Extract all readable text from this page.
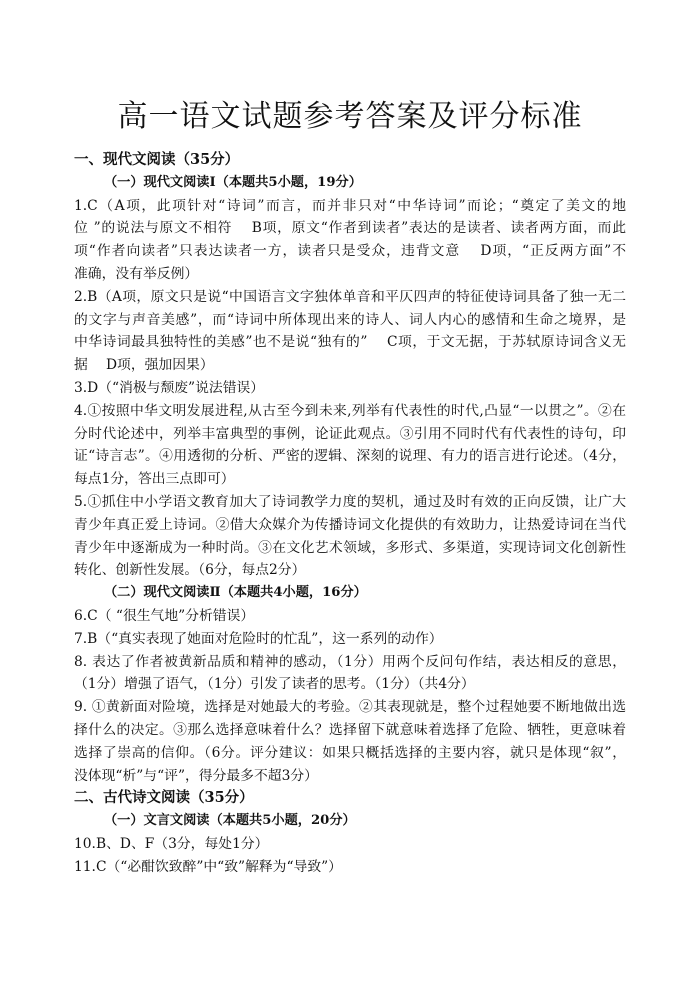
高一语文试题参考答案及评分标准
一、现代文阅读（35分）
（一）现代文阅读Ⅰ（本题共5小题，19分）
1.C（A项，此项针对“诗词”而言，而并非只对“中华诗词”而论；“奠定了美文的地
位 ”的说法与原文不相符　 B项，原文“作者到读者”表达的是读者、读者两方面，而此
项“作者向读者”只表达读者一方，读者只是受众，违背文意　 D项，“正反两方面”不
准确，没有举反例）
2.B（A项，原文只是说“中国语言文字独体单音和平仄四声的特征使诗词具备了独一无二
的文字与声音美感”，而“诗词中所体现出来的诗人、词人内心的感情和生命之境界，是
中华诗词最具独特性的美感”也不是说“独有的”　 C项，于文无据，于苏轼原诗词含义无
据　 D项，强加因果）
3.D（“消极与颓废”说法错误）
4.①按照中华文明发展进程,从古至今到未来,列举有代表性的时代,凸显“一以贯之”。②在
分时代论述中，列举丰富典型的事例，论证此观点。③引用不同时代有代表性的诗句，印
证“诗言志”。④用透彻的分析、严密的逻辑、深刻的说理、有力的语言进行论述。（4分，
每点1分，答出三点即可）
5.①抓住中小学语文教育加大了诗词教学力度的契机，通过及时有效的正向反馈，让广大
青少年真正爱上诗词。②借大众媒介为传播诗词文化提供的有效助力，让热爱诗词在当代
青少年中逐渐成为一种时尚。③在文化艺术领域，多形式、多渠道，实现诗词文化创新性
转化、创新性发展。（6分，每点2分）
（二）现代文阅读Ⅱ（本题共4小题，16分）
6.C（ “很生气地”分析错误）
7.B（“真实表现了她面对危险时的忙乱”，这一系列的动作）
8. 表达了作者被黄新品质和精神的感动，（1分）用两个反问句作结，表达相反的意思，
（1分）增强了语气，（1分）引发了读者的思考。（1分）（共4分）
9. ①黄新面对险境，选择是对她最大的考验。②其表现就是，整个过程她要不断地做出选
择什么的决定。③那么选择意味着什么？选择留下就意味着选择了危险、牺牲，更意味着
选择了崇高的信仰。（6分。评分建议：如果只概括选择的主要内容，就只是体现“叙”，
没体现“析”与“评”，得分最多不超3分）
二、古代诗文阅读（35分）
（一）文言文阅读（本题共5小题，20分）
10.B、D、F（3分，每处1分）
11.C（“必酣饮致醉”中“致”解释为“导致”）
